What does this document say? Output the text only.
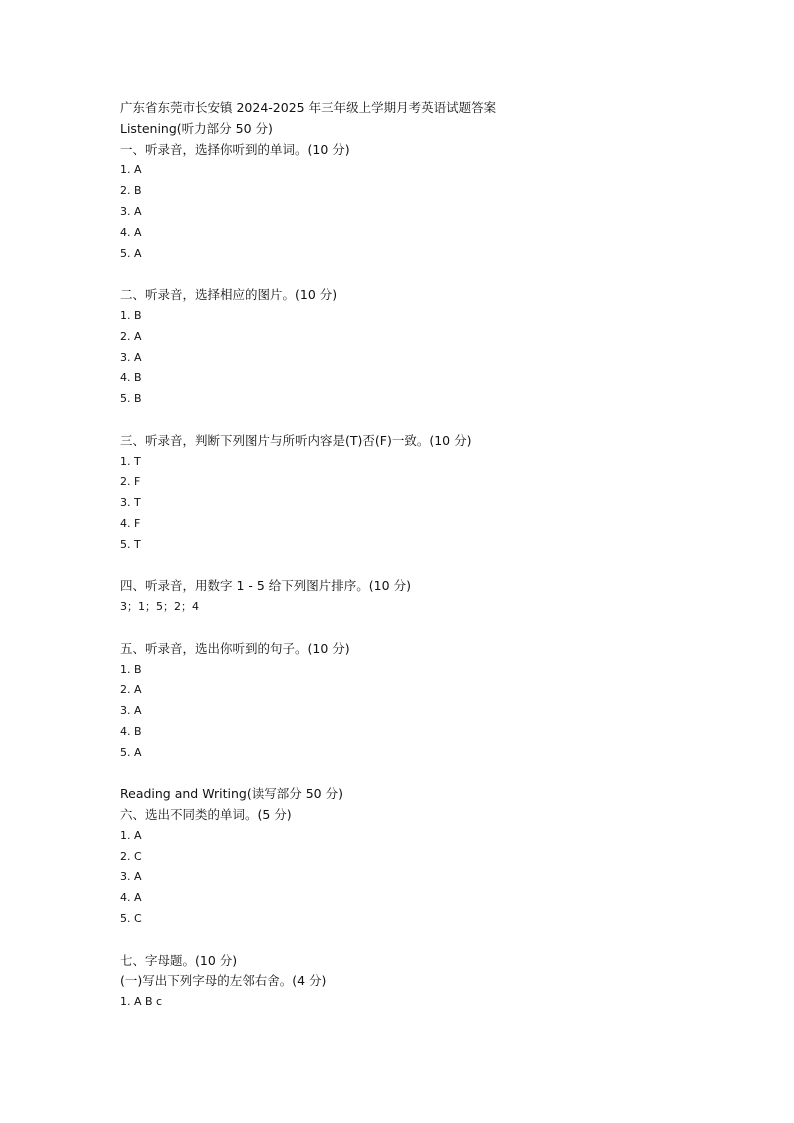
广东省东莞市长安镇 2024-2025 年三年级上学期月考英语试题答案
Listening(听力部分 50 分)
一、听录音，选择你听到的单词。(10 分)
1. A
2. B
3. A
4. A
5. A
二、听录音，选择相应的图片。(10 分)
1. B
2. A
3. A
4. B
5. B
三、听录音，判断下列图片与所听内容是(T)否(F)一致。(10 分)
1. T
2. F
3. T
4. F
5. T
四、听录音，用数字 1 - 5 给下列图片排序。(10 分)
3；1；5；2；4
五、听录音，选出你听到的句子。(10 分)
1. B
2. A
3. A
4. B
5. A
Reading and Writing(读写部分 50 分)
六、选出不同类的单词。(5 分)
1. A
2. C
3. A
4. A
5. C
七、字母题。(10 分)
(一)写出下列字母的左邻右舍。(4 分)
1. A B c
